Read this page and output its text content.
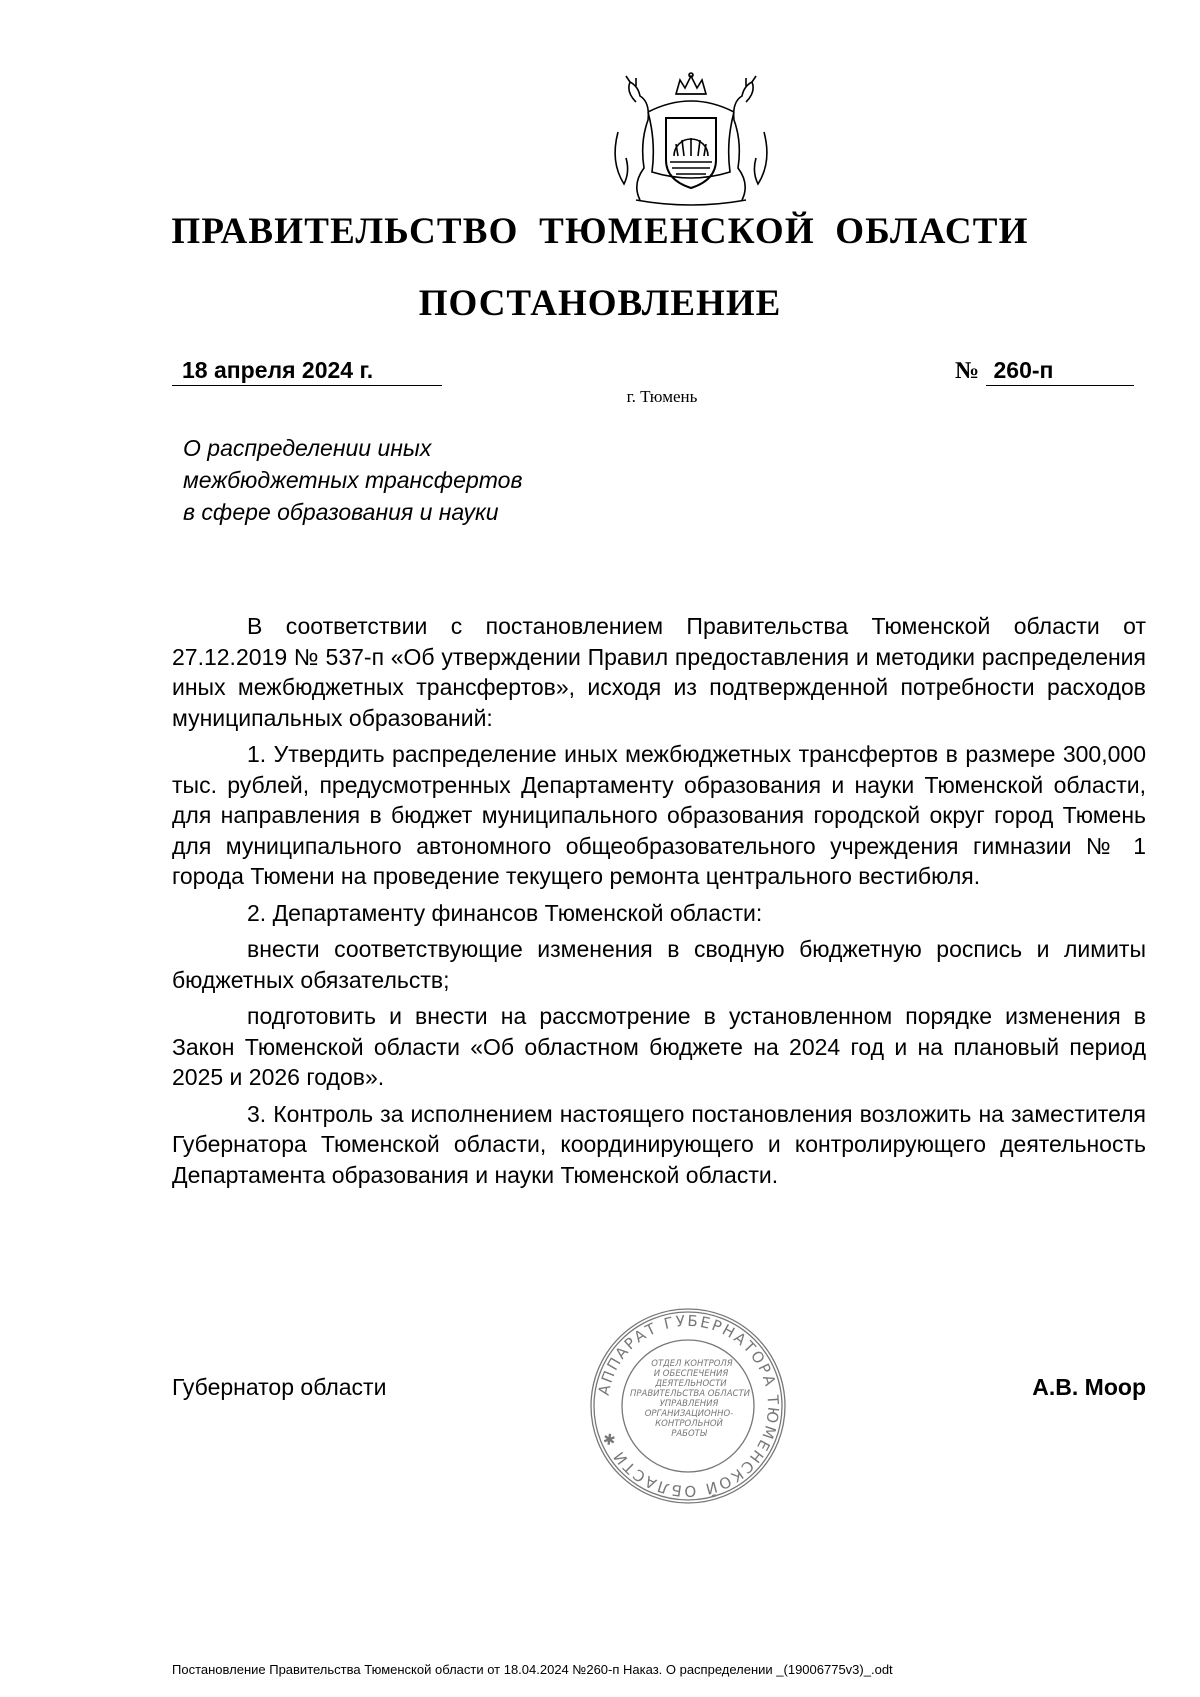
ПРАВИТЕЛЬСТВО ТЮМЕНСКОЙ ОБЛАСТИ
ПОСТАНОВЛЕНИЕ
18 апреля 2024 г.	№ 260-п
г. Тюмень
О распределении иных
межбюджетных трансфертов
в сфере образования и науки

В соответствии с постановлением Правительства Тюменской области от 27.12.2019 № 537-п «Об утверждении Правил предоставления и методики распределения иных межбюджетных трансфертов», исходя из подтвержденной потребности расходов муниципальных образований:

1. Утвердить распределение иных межбюджетных трансфертов в размере 300,000 тыс. рублей, предусмотренных Департаменту образования и науки Тюменской области, для направления в бюджет муниципального образования городской округ город Тюмень для муниципального автономного общеобразовательного учреждения гимназии № 1 города Тюмени на проведение текущего ремонта центрального вестибюля.

2. Департаменту финансов Тюменской области:

внести соответствующие изменения в сводную бюджетную роспись и лимиты бюджетных обязательств;

подготовить и внести на рассмотрение в установленном порядке изменения в Закон Тюменской области «Об областном бюджете на 2024 год и на плановый период 2025 и 2026 годов».

3. Контроль за исполнением настоящего постановления возложить на заместителя Губернатора Тюменской области, координирующего и контролирующего деятельность Департамента образования и науки Тюменской области.

АППАРАТ ГУБЕРНАТОРА ТЮМЕНСКОЙ ОБЛАСТИ ✱
ОТДЕЛ КОНТРОЛЯ
И ОБЕСПЕЧЕНИЯ
ДЕЯТЕЛЬНОСТИ
ПРАВИТЕЛЬСТВА ОБЛАСТИ
УПРАВЛЕНИЯ
ОРГАНИЗАЦИОННО-
КОНТРОЛЬНОЙ
РАБОТЫ
Губернатор области	А.В. Моор
Постановление Правительства Тюменской области от 18.04.2024 №260-п Наказ. О распределении _(19006775v3)_.odt
